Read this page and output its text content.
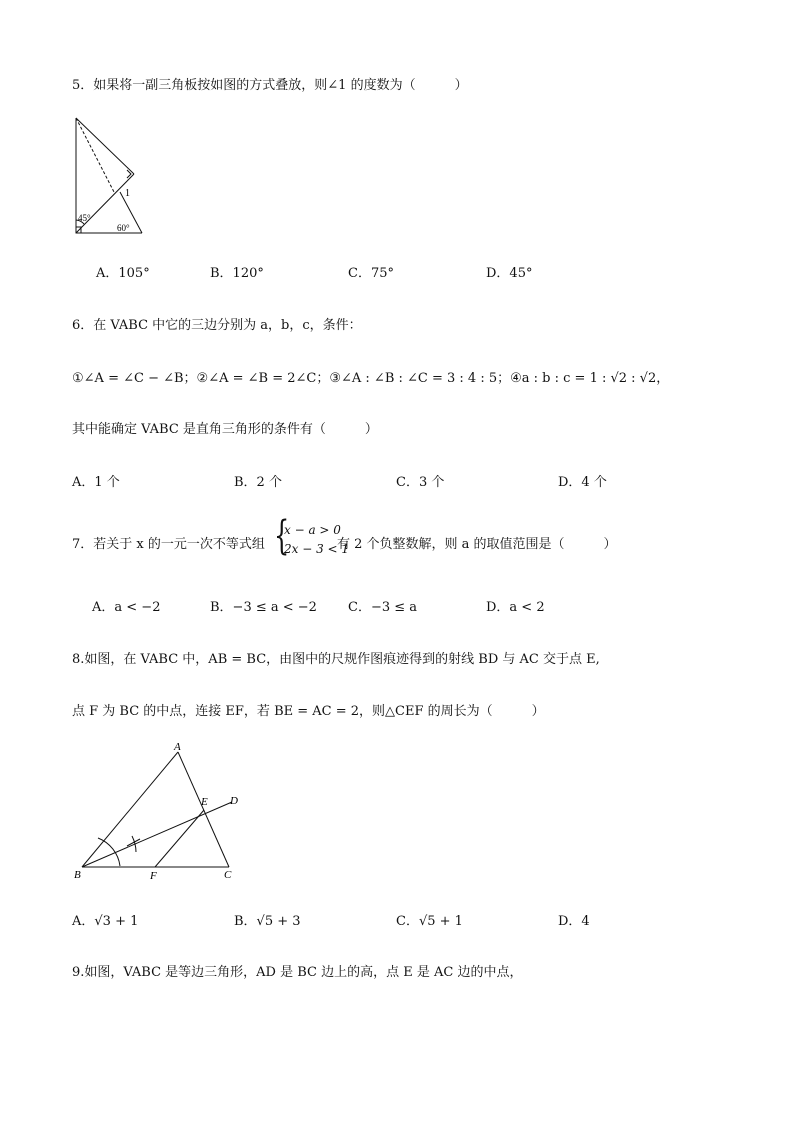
5．如果将一副三角板按如图的方式叠放，则∠1 的度数为（　　　）
45°
60°
1
A．105°	B．120°	C．75°	D．45°
6．在 VABC 中它的三边分别为 a，b，c，条件：
①∠A = ∠C − ∠B；②∠A = ∠B = 2∠C；③∠A : ∠B : ∠C = 3 : 4 : 5；④a : b : c = 1 : √2 : √2，
其中能确定 VABC 是直角三角形的条件有（　　　）
A．1 个	B．2 个	C．3 个	D．4 个
7．若关于 x 的一元一次不等式组 {
x − a > 0
2x − 3 < 1
有 2 个负整数解，则 a 的取值范围是（　　　）
A．a < −2	B．−3 ≤ a < −2 C．−3 ≤ a	D．a < 2
8.如图，在 VABC 中，AB = BC，由图中的尺规作图痕迹得到的射线 BD 与 AC 交于点 E,
点 F 为 BC 的中点，连接 EF，若 BE = AC = 2，则△CEF 的周长为（　　　）
A
B	C
D
E
F
A．√3 + 1	B．√5 + 3	C．√5 + 1	D．4
9.如图，VABC 是等边三角形，AD 是 BC 边上的高，点 E 是 AC 边的中点，
